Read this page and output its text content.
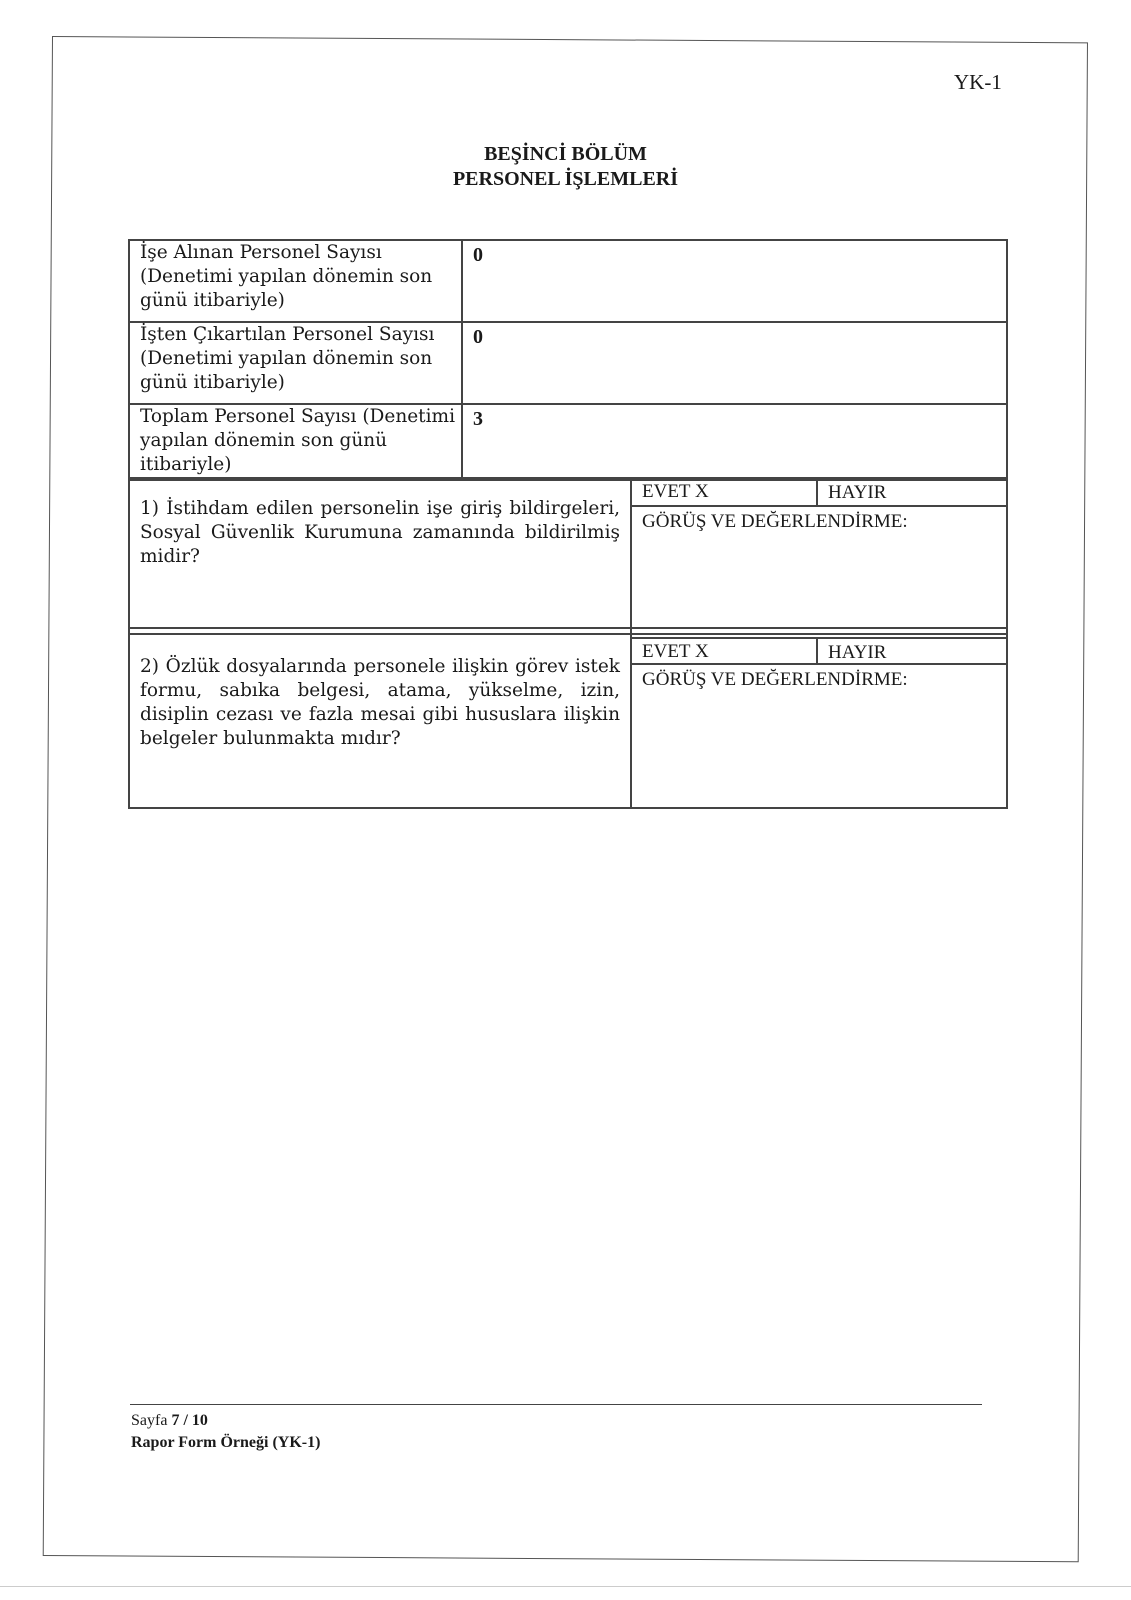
YK-1
BEŞİNCİ BÖLÜM
PERSONEL İŞLEMLERİ
İşe Alınan Personel Sayısı (Denetimi yapılan dönemin son günü itibariyle)	0
İşten Çıkartılan Personel Sayısı (Denetimi yapılan dönemin son günü itibariyle)	0
Toplam Personel Sayısı (Denetimi yapılan dönemin son günü itibariyle)	3
1) İstihdam edilen personelin işe giriş bildirgeleri, Sosyal Güvenlik Kurumuna zamanında bildirilmiş midir?
EVET X	HAYIR
GÖRÜŞ VE DEĞERLENDİRME:
2) Özlük dosyalarında personele ilişkin görev istek formu, sabıka belgesi, atama, yükselme, izin, disiplin cezası ve fazla mesai gibi hususlara ilişkin belgeler bulunmakta mıdır?
EVET X	HAYIR
GÖRÜŞ VE DEĞERLENDİRME:
Sayfa 7 / 10
Rapor Form Örneği (YK-1)
